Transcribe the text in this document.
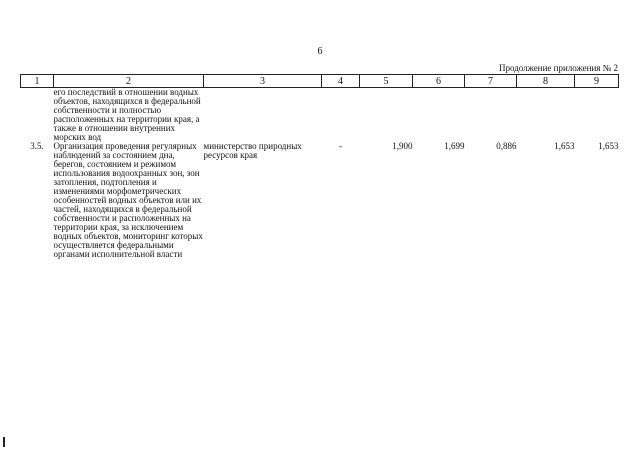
6
Продолжение приложения № 2
1	2	3	4	5	6	7	8	9
	его последствий в отношении водных объектов, находящихся в федеральной собственности и полностью расположенных на территории края, а также в отношении внутренних морских вод							
3.5.	Организация проведения регулярных наблюдений за состоянием дна, берегов, состоянием и режимом использования водоохранных зон, зон затопления, подтопления и изменениями морфометрических особенностей водных объектов или их частей, находящихся в федеральной собственности и расположенных на территории края, за исключением водных объектов, мониторинг которых осуществляется федеральными органами исполнительной власти	министерство природных ресурсов края	-	1,900	1,699	0,886	1,653	1,653
